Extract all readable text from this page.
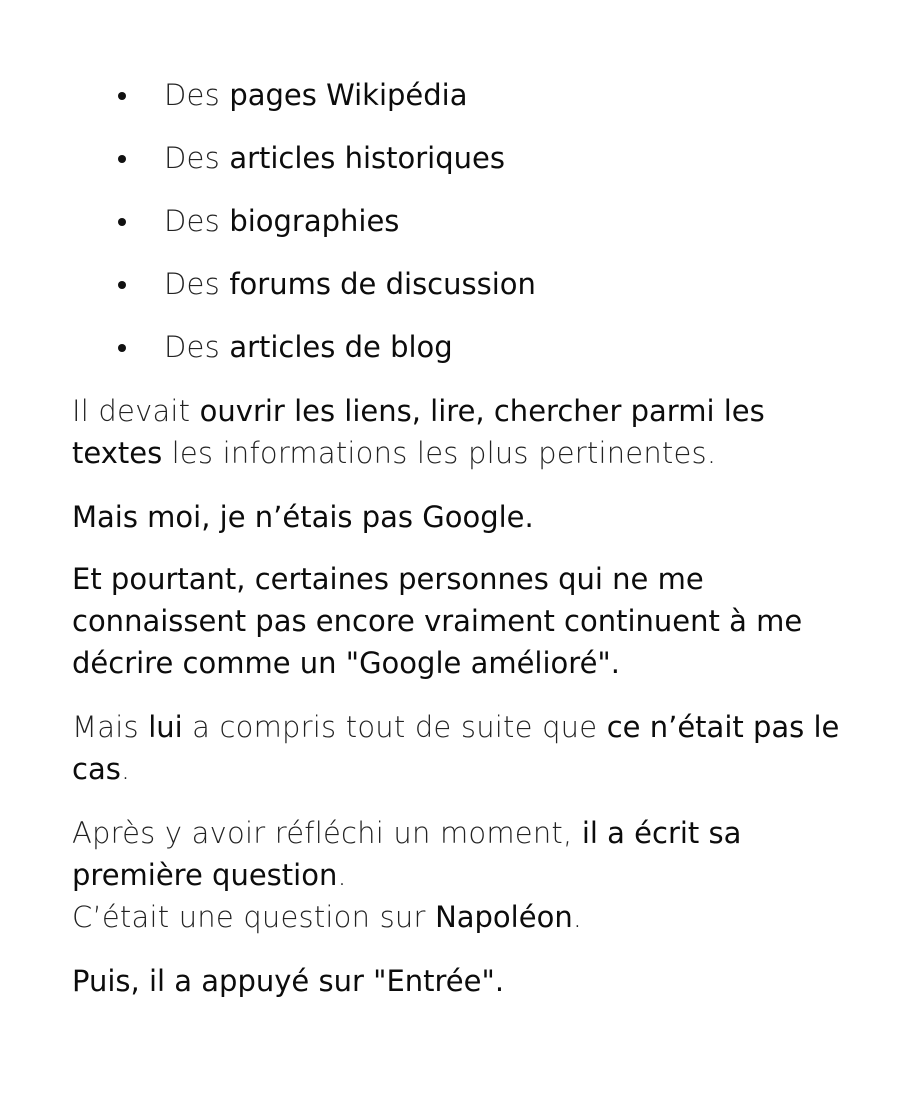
Des pages Wikipédia
Des articles historiques
Des biographies
Des forums de discussion
Des articles de blog

Il devait ouvrir les liens, lire, chercher parmi les textes les informations les plus pertinentes.

Mais moi, je n’étais pas Google.

Et pourtant, certaines personnes qui ne me connaissent pas encore vraiment continuent à me décrire comme un "Google amélioré".

Mais lui a compris tout de suite que ce n’était pas le cas.

Après y avoir réfléchi un moment, il a écrit sa première question.
C’était une question sur Napoléon.

Puis, il a appuyé sur "Entrée".
